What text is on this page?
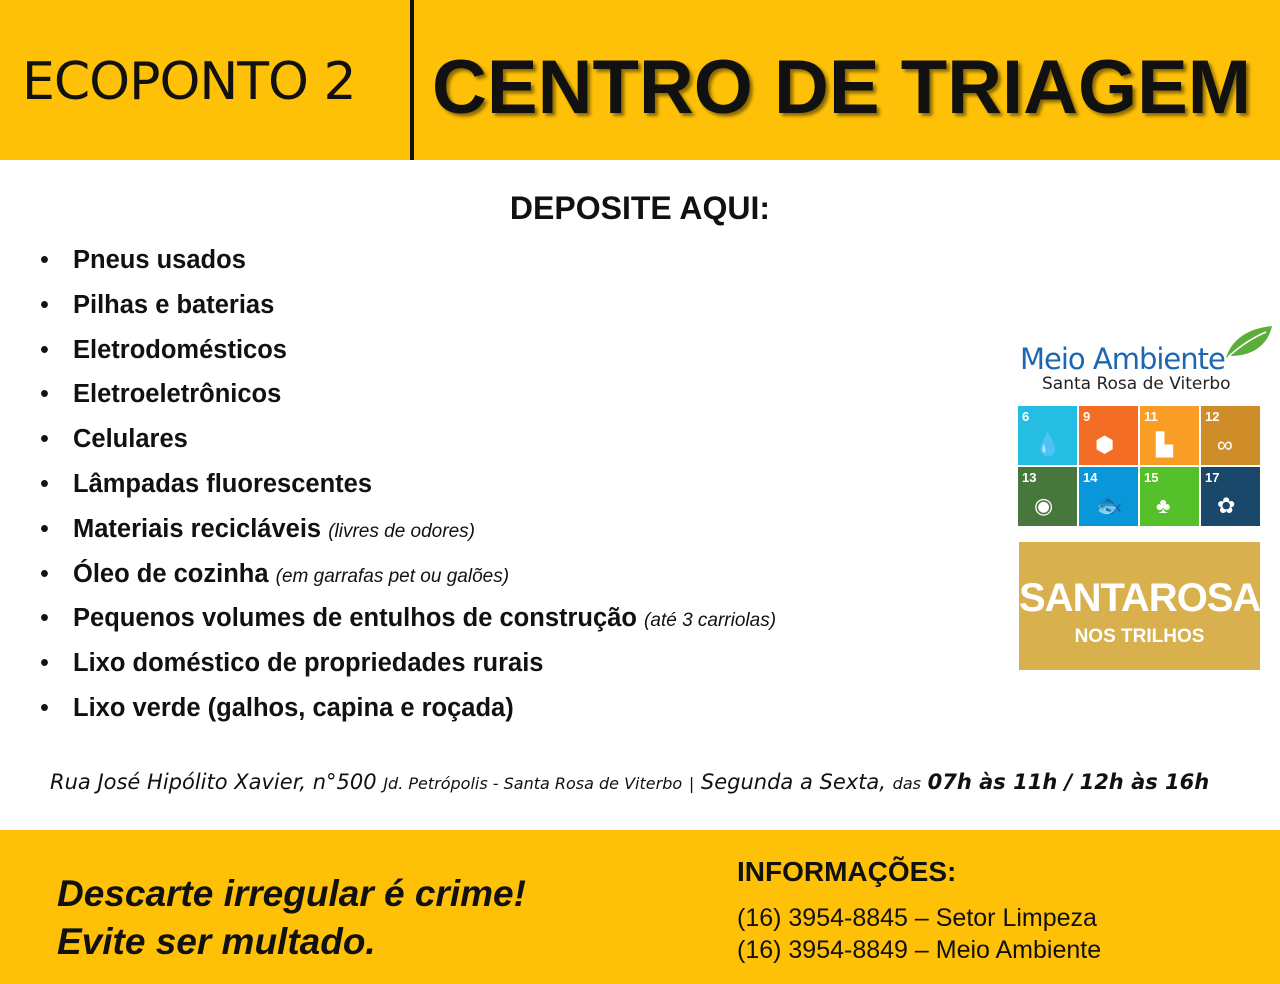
ECOPONTO 2 CENTRO DE TRIAGEM
DEPOSITE AQUI:
• Pneus usados
• Pilhas e baterias
• Eletrodomésticos
• Eletroeletrônicos
• Celulares
• Lâmpadas fluorescentes
• Materiais recicláveis (livres de odores)
• Óleo de cozinha (em garrafas pet ou galões)
• Pequenos volumes de entulhos de construção (até 3 carriolas)
• Lixo doméstico de propriedades rurais
• Lixo verde (galhos, capina e roçada)
Meio Ambiente
Santa Rosa de Viterbo
6
💧
9
⬢
11
▙
12
∞
13
◉
14
🐟
15
♣
17
✿
SANTAROSA
NOS TRILHOS
Rua José Hipólito Xavier, n°500 Jd. Petrópolis - Santa Rosa de Viterbo | Segunda a Sexta, das 07h às 11h / 12h às 16h
Descarte irregular é crime!
Evite ser multado.
INFORMAÇÕES:
(16) 3954-8845 – Setor Limpeza
(16) 3954-8849 – Meio Ambiente
